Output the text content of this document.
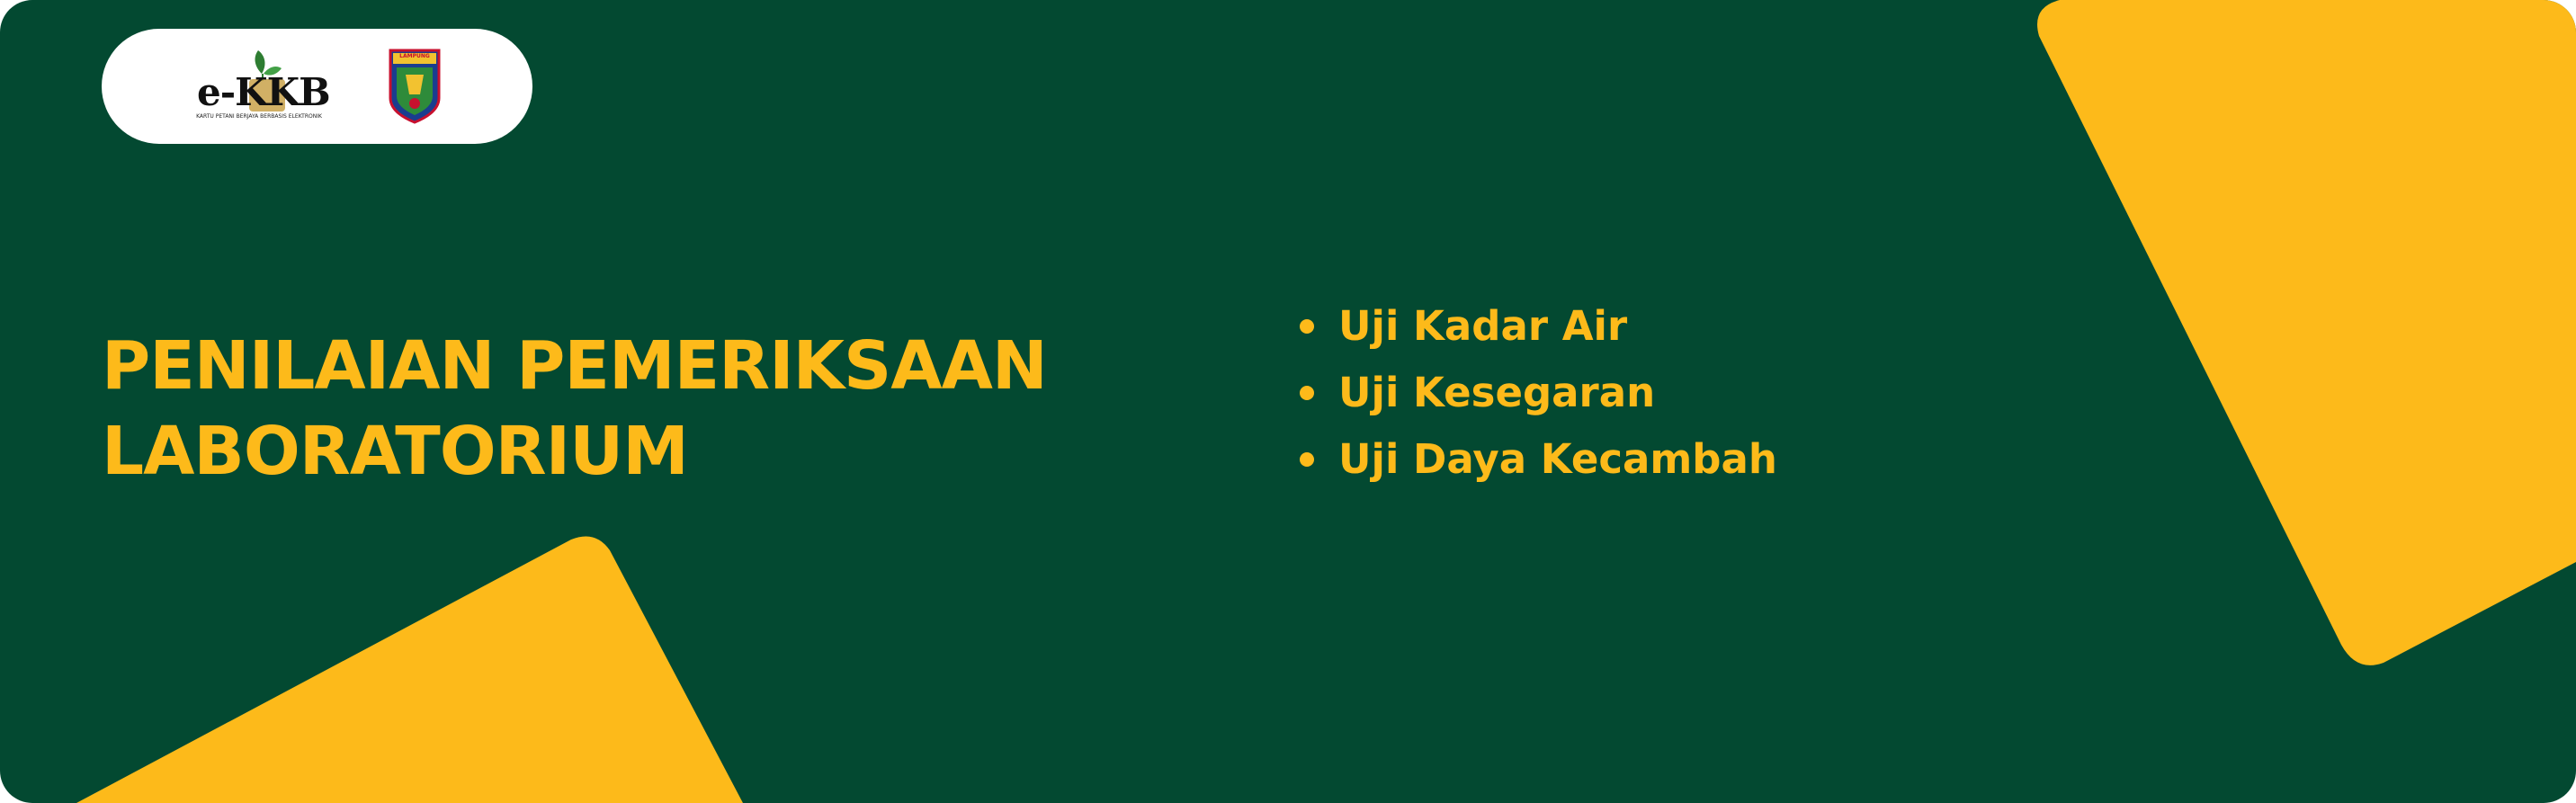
e-KKB
KARTU PETANI BERJAYA BERBASIS ELEKTRONIK
LAMPUNG
PENILAIAN PEMERIKSAAN
LABORATORIUM
Uji Kadar Air
Uji Kesegaran
Uji Daya Kecambah
